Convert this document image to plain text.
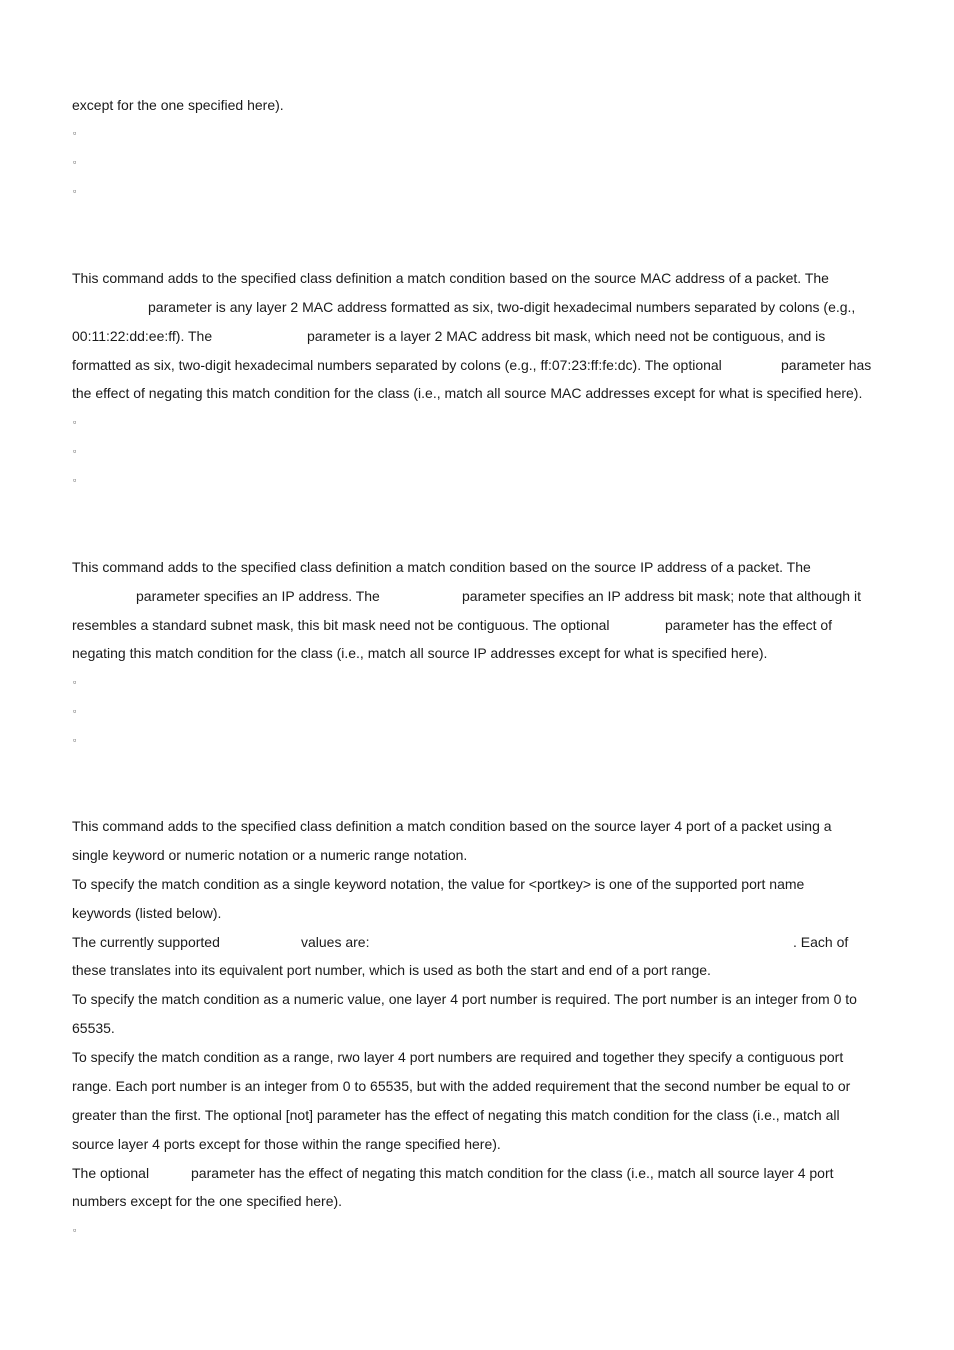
except for the one specified here).
▫
▫
▫
This command adds to the specified class definition a match condition based on the source MAC address of a packet. The
parameter is any layer 2 MAC address formatted as six, two-digit hexadecimal numbers separated by colons (e.g.,
00:11:22:dd:ee:ff). The	parameter is a layer 2 MAC address bit mask, which need not be contiguous, and is
formatted as six, two-digit hexadecimal numbers separated by colons (e.g., ff:07:23:ff:fe:dc). The optional	parameter has
the effect of negating this match condition for the class (i.e., match all source MAC addresses except for what is specified here).
▫
▫
▫
This command adds to the specified class definition a match condition based on the source IP address of a packet. The
parameter specifies an IP address. The	parameter specifies an IP address bit mask; note that although it
resembles a standard subnet mask, this bit mask need not be contiguous. The optional	parameter has the effect of
negating this match condition for the class (i.e., match all source IP addresses except for what is specified here).
▫
▫
▫
This command adds to the specified class definition a match condition based on the source layer 4 port of a packet using a
single keyword or numeric notation or a numeric range notation.
To specify the match condition as a single keyword notation, the value for <portkey> is one of the supported port name
keywords (listed below).
The currently supported	values are:	. Each of
these translates into its equivalent port number, which is used as both the start and end of a port range.
To specify the match condition as a numeric value, one layer 4 port number is required. The port number is an integer from 0 to
65535.
To specify the match condition as a range, rwo layer 4 port numbers are required and together they specify a contiguous port
range. Each port number is an integer from 0 to 65535, but with the added requirement that the second number be equal to or
greater than the first. The optional [not] parameter has the effect of negating this match condition for the class (i.e., match all
source layer 4 ports except for those within the range specified here).
The optional	parameter has the effect of negating this match condition for the class (i.e., match all source layer 4 port
numbers except for the one specified here).
▫
